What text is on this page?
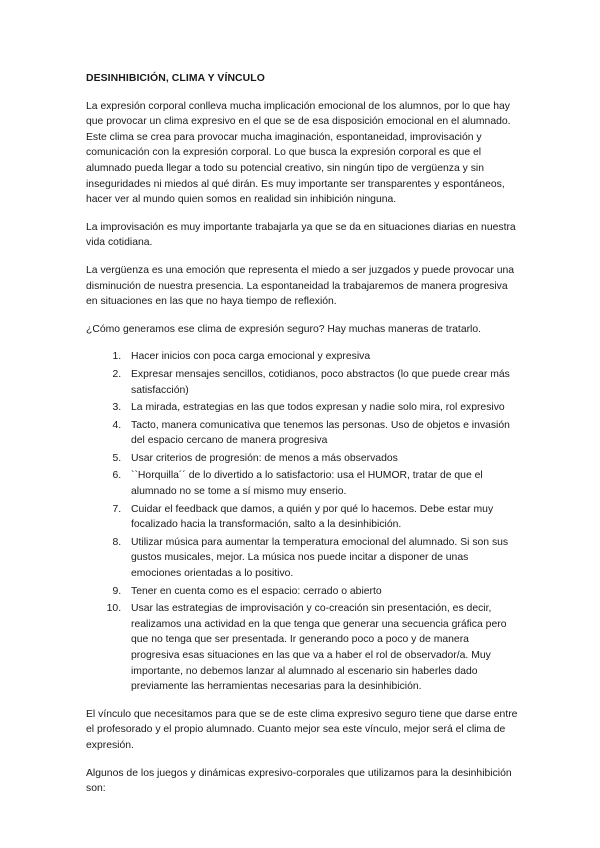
DESINHIBICIÓN, CLIMA Y VÍNCULO

La expresión corporal conlleva mucha implicación emocional de los alumnos, por lo que hay que provocar un clima expresivo en el que se de esa disposición emocional en el alumnado. Este clima se crea para provocar mucha imaginación, espontaneidad, improvisación y comunicación con la expresión corporal. Lo que busca la expresión corporal es que el alumnado pueda llegar a todo su potencial creativo, sin ningún tipo de vergüenza y sin inseguridades ni miedos al qué dirán. Es muy importante ser transparentes y espontáneos, hacer ver al mundo quien somos en realidad sin inhibición ninguna.

La improvisación es muy importante trabajarla ya que se da en situaciones diarias en nuestra vida cotidiana.

La vergüenza es una emoción que representa el miedo a ser juzgados y puede provocar una disminución de nuestra presencia. La espontaneidad la trabajaremos de manera progresiva en situaciones en las que no haya tiempo de reflexión.

¿Cómo generamos ese clima de expresión seguro? Hay muchas maneras de tratarlo.

1. Hacer inicios con poca carga emocional y expresiva
2. Expresar mensajes sencillos, cotidianos, poco abstractos (lo que puede crear más satisfacción)
3. La mirada, estrategias en las que todos expresan y nadie solo mira, rol expresivo
4. Tacto, manera comunicativa que tenemos las personas. Uso de objetos e invasión del espacio cercano de manera progresiva
5. Usar criterios de progresión: de menos a más observados
6. ``Horquilla´´ de lo divertido a lo satisfactorio: usa el HUMOR, tratar de que el alumnado no se tome a sí mismo muy enserio.
7. Cuidar el feedback que damos, a quién y por qué lo hacemos. Debe estar muy focalizado hacia la transformación, salto a la desinhibición.
8. Utilizar música para aumentar la temperatura emocional del alumnado. Si son sus gustos musicales, mejor. La música nos puede incitar a disponer de unas emociones orientadas a lo positivo.
9. Tener en cuenta como es el espacio: cerrado o abierto
10. Usar las estrategias de improvisación y co-creación sin presentación, es decir, realizamos una actividad en la que tenga que generar una secuencia gráfica pero que no tenga que ser presentada. Ir generando poco a poco y de manera progresiva esas situaciones en las que va a haber el rol de observador/a. Muy importante, no debemos lanzar al alumnado al escenario sin haberles dado previamente las herramientas necesarias para la desinhibición.

El vínculo que necesitamos para que se de este clima expresivo seguro tiene que darse entre el profesorado y el propio alumnado. Cuanto mejor sea este vínculo, mejor será el clima de expresión.

Algunos de los juegos y dinámicas expresivo-corporales que utilizamos para la desinhibición son:
